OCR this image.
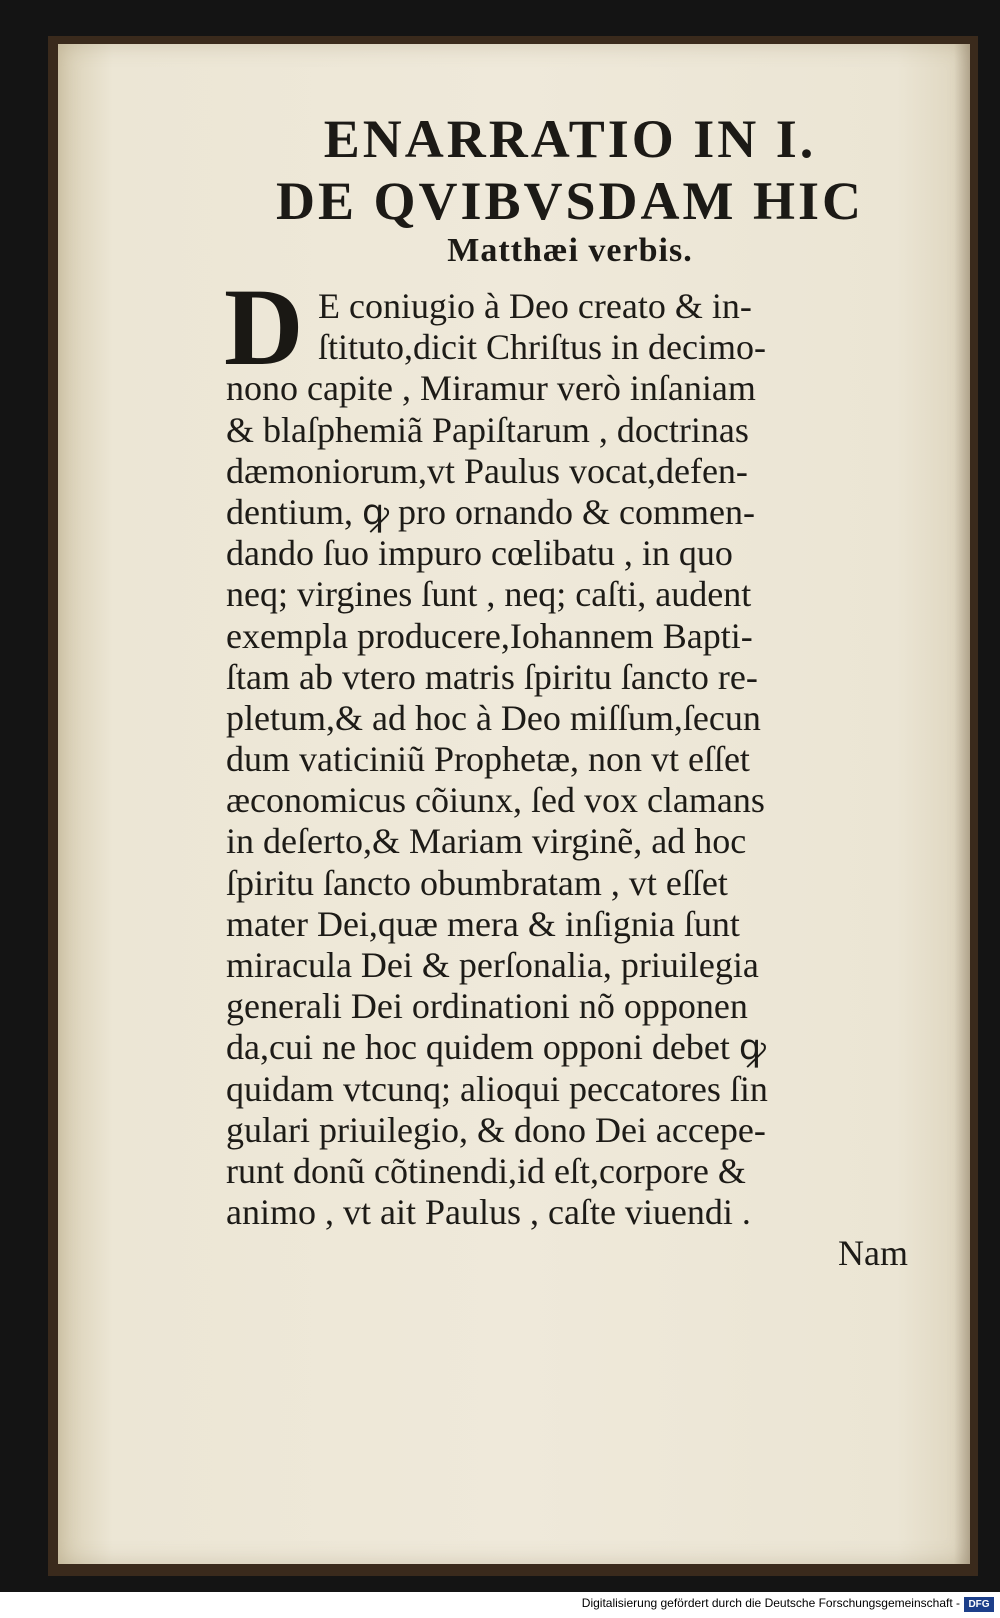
ENARRATIO IN I.
DE QVIBVSDAM HIC
Matthæi verbis.
D E coniugio à Deo creato & in-
ſtituto,dicit Chriſtus in decimo-
nono capite , Miramur verò inſaniam
& blaſphemiã Papiſtarum , doctrinas
dæmoniorum,vt Paulus vocat,defen-
dentium, ꝙ pro ornando & commen-
dando ſuo impuro cœlibatu , in quo
neq; virgines ſunt , neq; caſti, audent
exempla producere,Iohannem Bapti-
ſtam ab vtero matris ſpiritu ſancto re-
pletum,& ad hoc à Deo miſſum,ſecun
dum vaticiniũ Prophetæ, non vt eſſet
æconomicus cõiunx, ſed vox clamans
in deſerto,& Mariam virginẽ, ad hoc
ſpiritu ſancto obumbratam , vt eſſet
mater Dei,quæ mera & inſignia ſunt
miracula Dei & perſonalia, priuilegia
generali Dei ordinationi nõ opponen
da,cui ne hoc quidem opponi debet ꝙ
quidam vtcunq; alioqui peccatores ſin
gulari priuilegio, & dono Dei accepe-
runt donũ cõtinendi,id eſt,corpore &
animo , vt ait Paulus , caſte viuendi .
Nam
Digitalisierung gefördert durch die Deutsche Forschungsgemeinschaft - DFG
